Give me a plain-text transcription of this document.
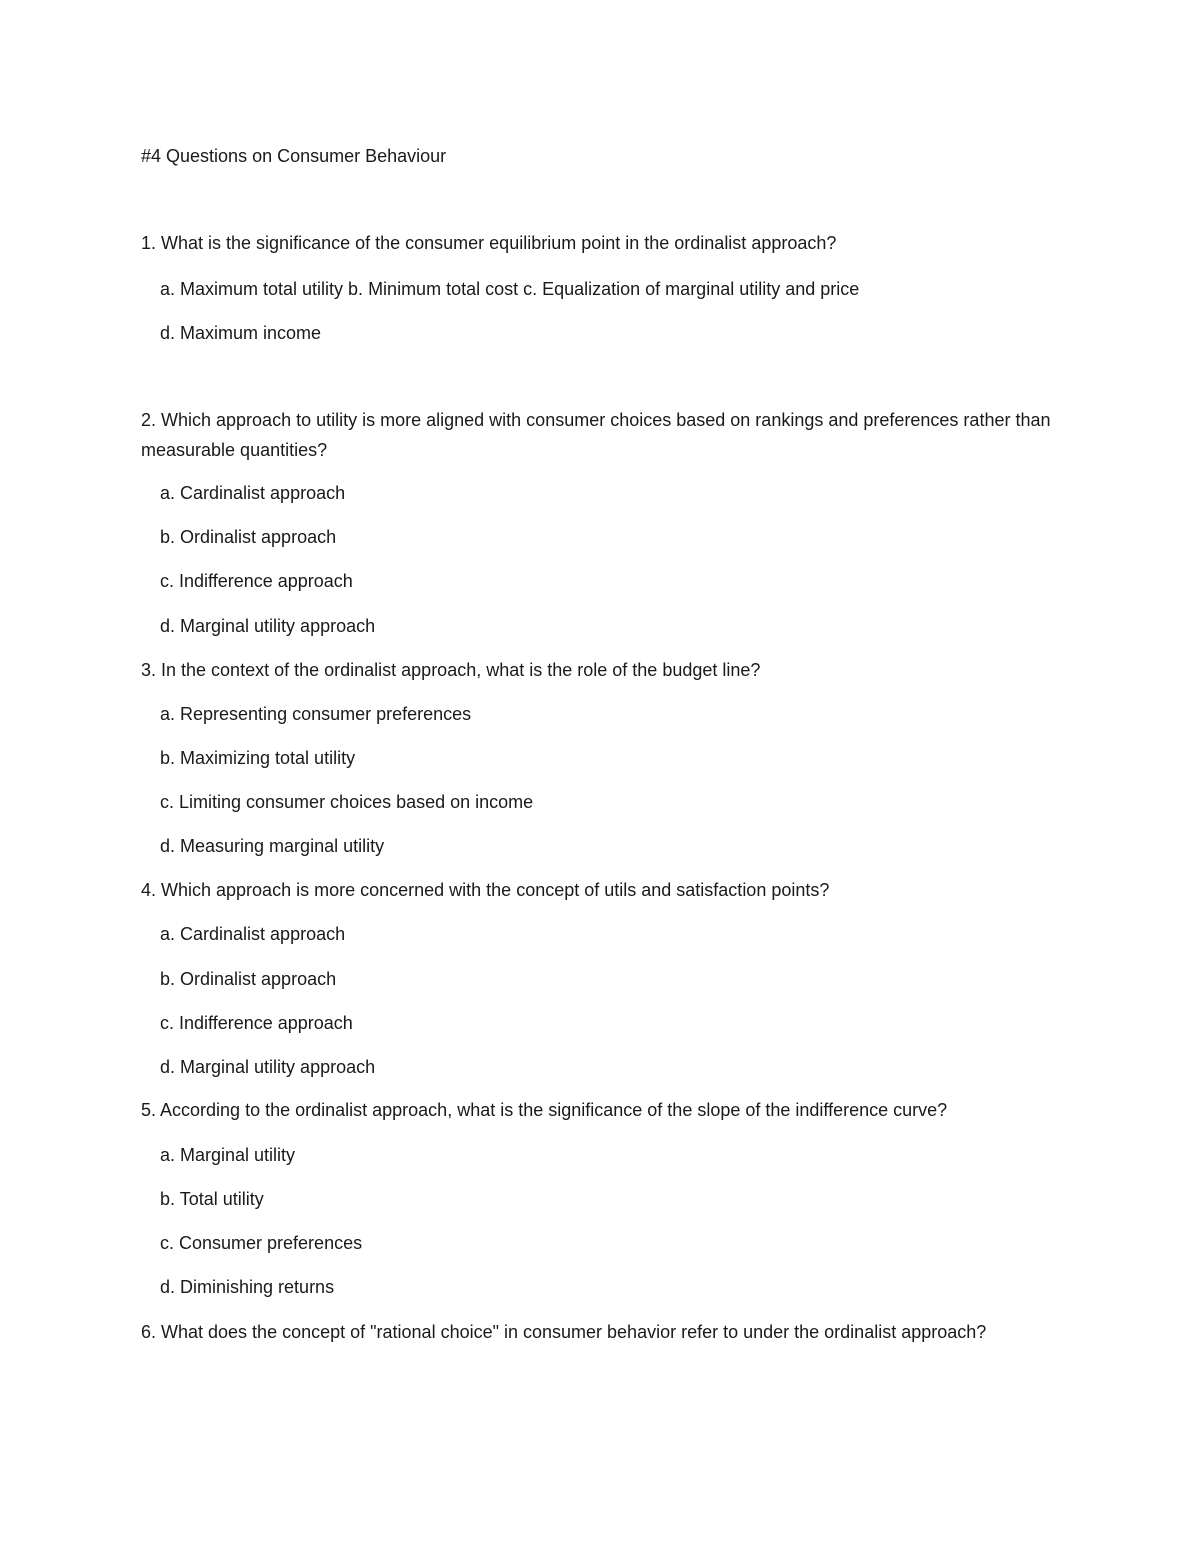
#4 Questions on Consumer Behaviour
1. What is the significance of the consumer equilibrium point in the ordinalist approach?
a. Maximum total utility b. Minimum total cost c. Equalization of marginal utility and price
d. Maximum income
2. Which approach to utility is more aligned with consumer choices based on rankings and preferences rather than measurable quantities?
a. Cardinalist approach
b. Ordinalist approach
c. Indifference approach
d. Marginal utility approach
3. In the context of the ordinalist approach, what is the role of the budget line?
a. Representing consumer preferences
b. Maximizing total utility
c. Limiting consumer choices based on income
d. Measuring marginal utility
4. Which approach is more concerned with the concept of utils and satisfaction points?
a. Cardinalist approach
b. Ordinalist approach
c. Indifference approach
d. Marginal utility approach
5. According to the ordinalist approach, what is the significance of the slope of the indifference curve?
a. Marginal utility
b. Total utility
c. Consumer preferences
d. Diminishing returns
6. What does the concept of "rational choice" in consumer behavior refer to under the ordinalist approach?
